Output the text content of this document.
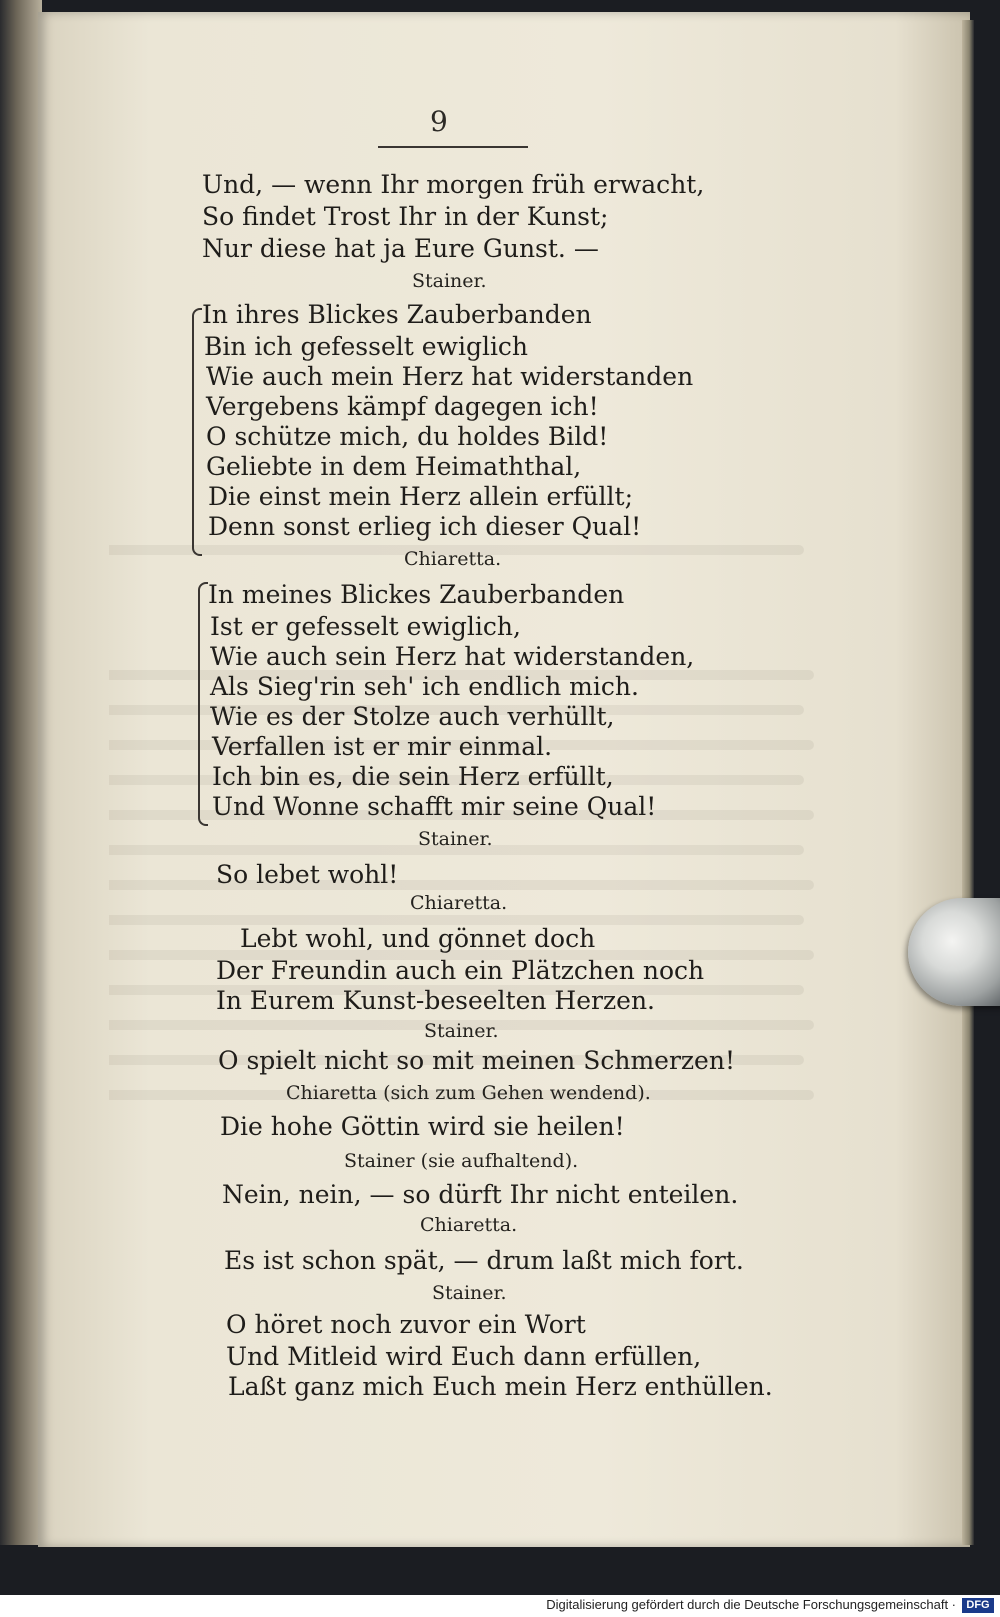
9
Und, — wenn Ihr morgen früh erwacht,
So findet Trost Ihr in der Kunst;
Nur diese hat ja Eure Gunst. —
Stainer.
In ihres Blickes Zauberbanden
Bin ich gefesselt ewiglich
Wie auch mein Herz hat widerstanden
Vergebens kämpf dagegen ich!
O schütze mich, du holdes Bild!
Geliebte in dem Heimaththal,
Die einst mein Herz allein erfüllt;
Denn sonst erlieg ich dieser Qual!
Chiaretta.
In meines Blickes Zauberbanden
Ist er gefesselt ewiglich,
Wie auch sein Herz hat widerstanden,
Als Sieg'rin seh' ich endlich mich.
Wie es der Stolze auch verhüllt,
Verfallen ist er mir einmal.
Ich bin es, die sein Herz erfüllt,
Und Wonne schafft mir seine Qual!
Stainer.
So lebet wohl!
Chiaretta.
Lebt wohl, und gönnet doch
Der Freundin auch ein Plätzchen noch
In Eurem Kunst-beseelten Herzen.
Stainer.
O spielt nicht so mit meinen Schmerzen!
Chiaretta (sich zum Gehen wendend).
Die hohe Göttin wird sie heilen!
Stainer (sie aufhaltend).
Nein, nein, — so dürft Ihr nicht enteilen.
Chiaretta.
Es ist schon spät, — drum laßt mich fort.
Stainer.
O höret noch zuvor ein Wort
Und Mitleid wird Euch dann erfüllen,
Laßt ganz mich Euch mein Herz enthüllen.
Digitalisierung gefördert durch die Deutsche Forschungsgemeinschaft · DFG
